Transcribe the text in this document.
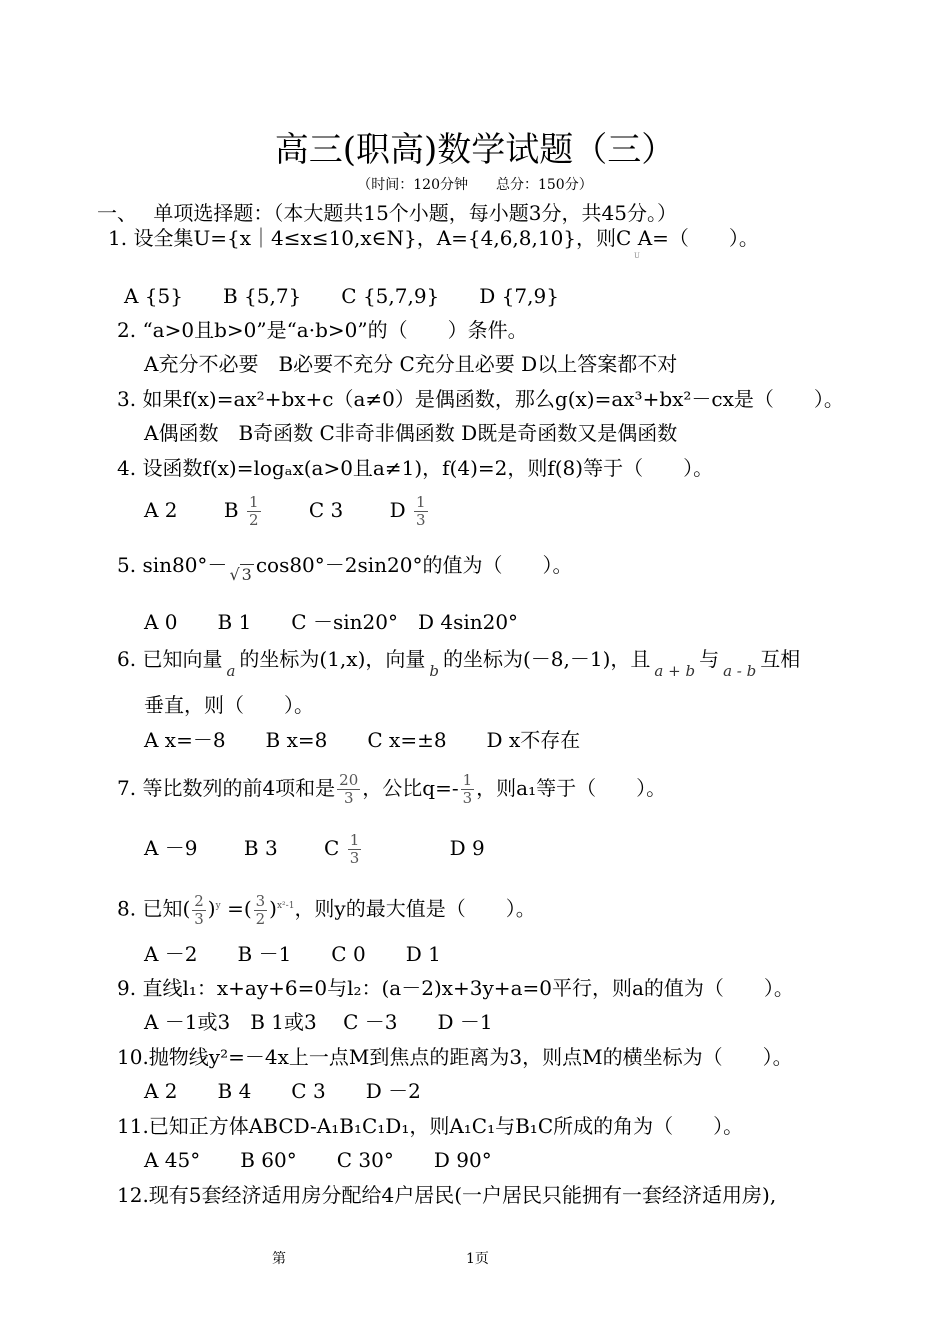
高三(职高)数学试题（三）
（时间：120分钟　　总分：150分）
一、　 单项选择题：（本大题共15个小题，每小题3分，共45分。）
1. 设全集U={x｜4≤x≤10,x∈N}，A={4,6,8,10}，则C A=（　　）。
U
A {5}　　B {5,7}　　C {5,7,9}　　D {7,9}
2. “a>0且b>0”是“a·b>0”的（　　）条件。
A充分不必要　B必要不充分 C充分且必要 D以上答案都不对
3. 如果f(x)=ax²+bx+c（a≠0）是偶函数，那么g(x)=ax³+bx²－cx是（　　）。
A偶函数　B奇函数 C非奇非偶函数 D既是奇函数又是偶函数
4. 设函数f(x)=logₐx(a>0且a≠1)，f(4)=2，则f(8)等于（　　）。
A 2 B $\frac{1}{2}$ C 3 D $\frac{1}{3}$
5. sin80°－ √ 3 cos80°－2sin20°的值为（　　）。
A 0　　B 1　　C －sin20°　D 4sin20°
6. 已知向量 a 的坐标为(1,x)，向量 b 的坐标为(－8,－1)，且 a + b 与 a - b 互相
垂直，则（　　）。
A x=－8　　B x=8　　C x=±8　　D x不存在
7. 等比数列的前4项和是 $\frac{20}{3}$ ，公比$q=- \frac{1}{3}$ ，则a₁等于（　　）。
A －9 B 3 C $\frac{1}{3}$	D 9
8. 已知( $\frac{2}{3} )^y$ =( $\frac{3}{2} )^{x^2-1}$，则y的最大值是（　　）。
A －2　　B －1　　C 0　　D 1
9. 直线l₁：x+ay+6=0与l₂：(a－2)x+3y+a=0平行，则a的值为（　　）。
A －1或3　B 1或3　 C －3　　D －1
10.抛物线y²=－4x上一点M到焦点的距离为3，则点M的横坐标为（　　）。
A 2　　B 4　　C 3　　D －2
11.已知正方体ABCD-A₁B₁C₁D₁，则A₁C₁与B₁C所成的角为（　　）。
A 45°　　B 60°　　C 30°　　D 90°
12.现有5套经济适用房分配给4户居民(一户居民只能拥有一套经济适用房),
第	1页
